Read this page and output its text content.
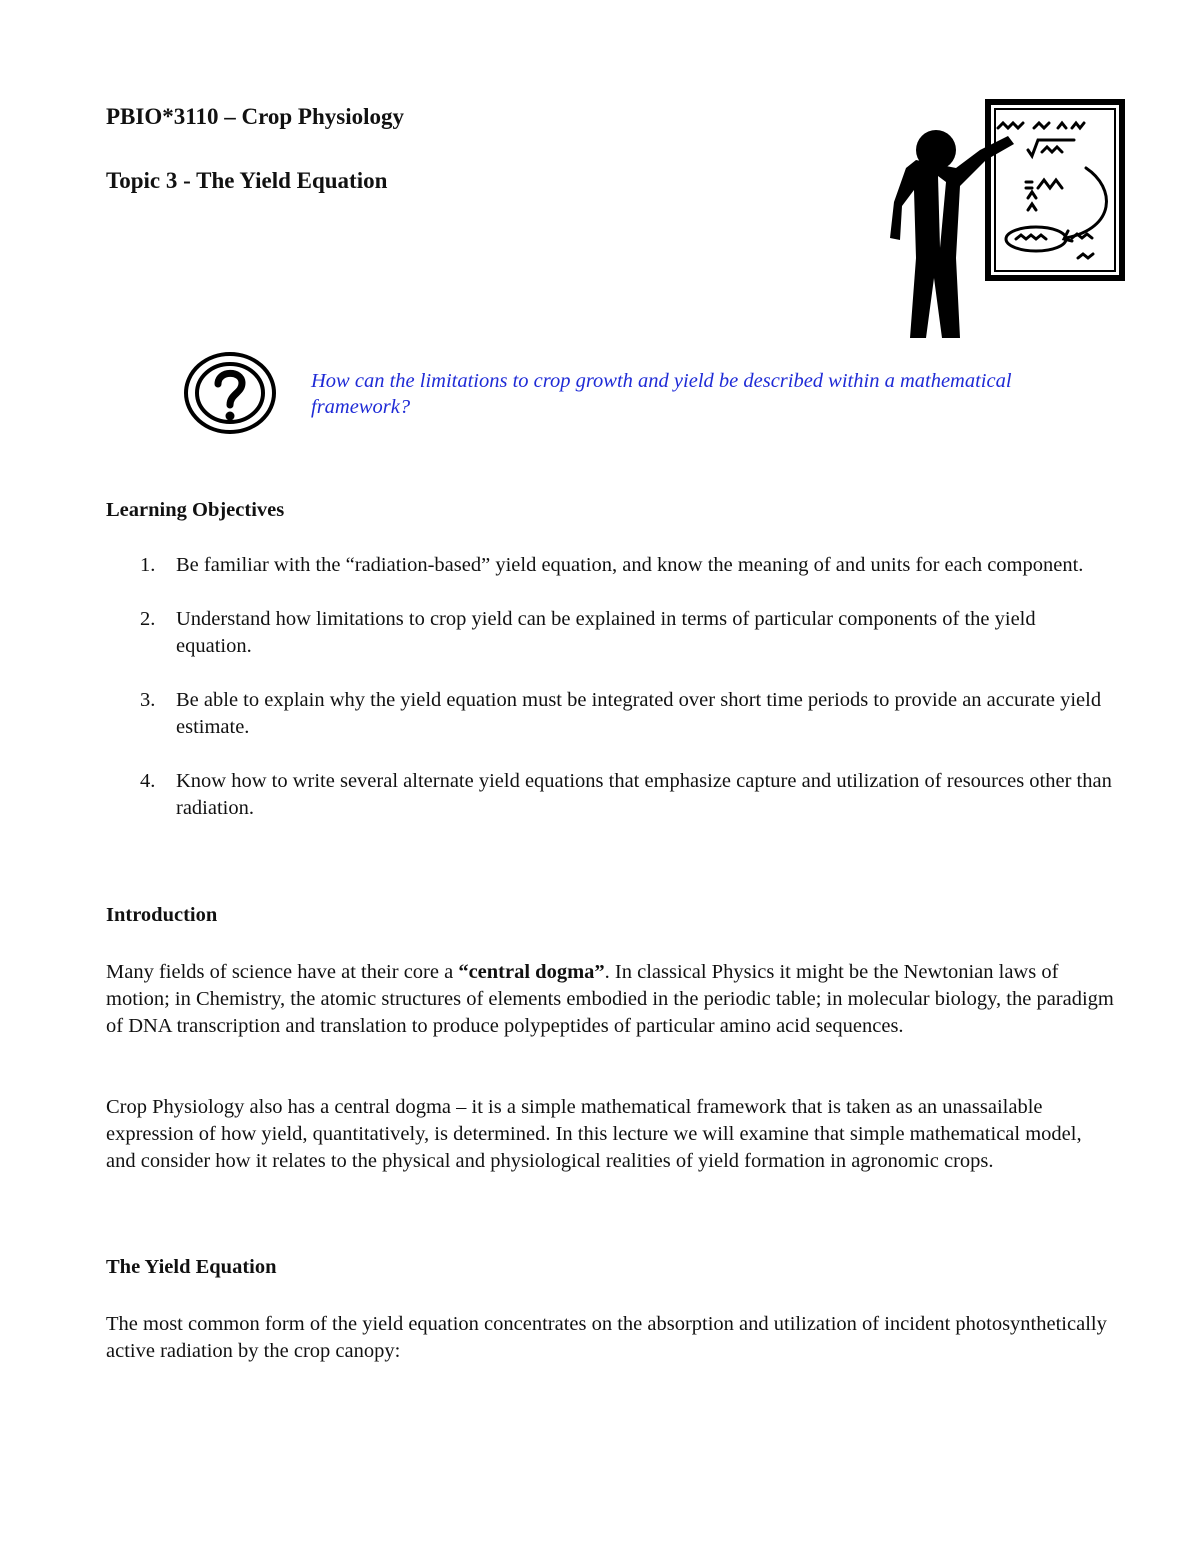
PBIO*3110 – Crop Physiology
Topic 3 - The Yield Equation

How can the limitations to crop growth and yield be described within a mathematical framework?

Learning Objectives
1. Be familiar with the “radiation-based” yield equation, and know the meaning of and units for each component.
2. Understand how limitations to crop yield can be explained in terms of particular components of the yield equation.
3. Be able to explain why the yield equation must be integrated over short time periods to provide an accurate yield estimate.
4. Know how to write several alternate yield equations that emphasize capture and utilization of resources other than radiation.
Introduction

Many fields of science have at their core a “central dogma”. In classical Physics it might be the Newtonian laws of motion; in Chemistry, the atomic structures of elements embodied in the periodic table; in molecular biology, the paradigm of DNA transcription and translation to produce polypeptides of particular amino acid sequences.

Crop Physiology also has a central dogma – it is a simple mathematical framework that is taken as an unassailable expression of how yield, quantitatively, is determined. In this lecture we will examine that simple mathematical model, and consider how it relates to the physical and physiological realities of yield formation in agronomic crops.

The Yield Equation

The most common form of the yield equation concentrates on the absorption and utilization of incident photosynthetically active radiation by the crop canopy:
